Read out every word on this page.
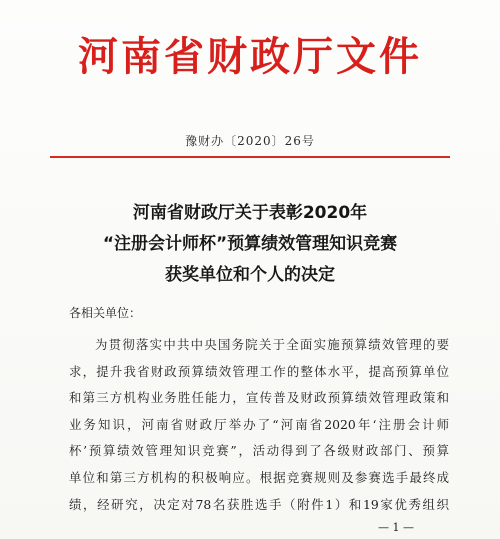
河南省财政厅文件
豫财办〔2020〕26号
河南省财政厅关于表彰2020年
“注册会计师杯”预算绩效管理知识竞赛
获奖单位和个人的决定
各相关单位：
为贯彻落实中共中央国务院关于全面实施预算绩效管理的要
求，提升我省财政预算绩效管理工作的整体水平，提高预算单位
和第三方机构业务胜任能力，宣传普及财政预算绩效管理政策和
业务知识，河南省财政厅举办了“河南省2020年‘注册会计师
杯’预算绩效管理知识竞赛”，活动得到了各级财政部门、预算
单位和第三方机构的积极响应。根据竞赛规则及参赛选手最终成
绩，经研究，决定对78名获胜选手（附件1）和19家优秀组织
— 1 —
